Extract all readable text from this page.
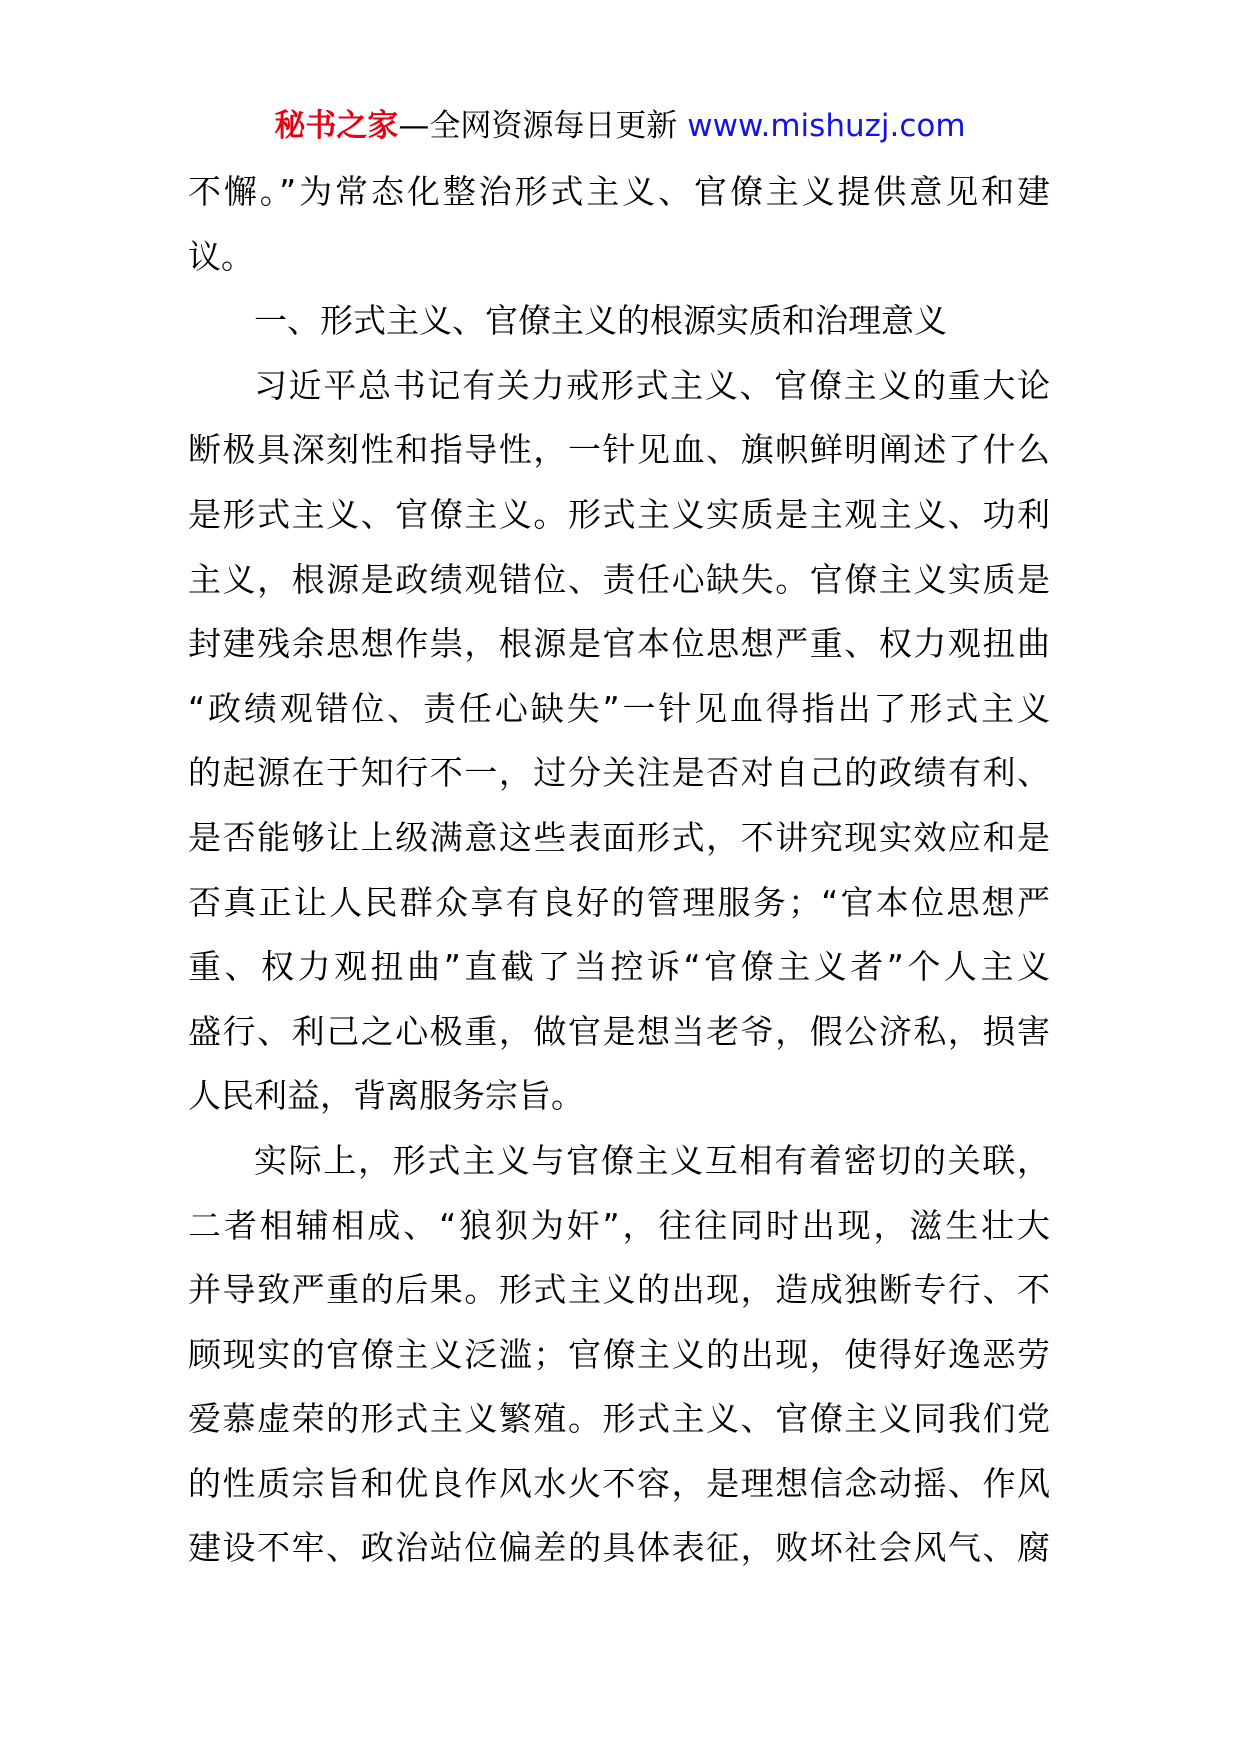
秘书之家—全网资源每日更新 www.mishuzj.com
不懈。”为常态化整治形式主义、官僚主义提供意见和建
议。
一、形式主义、官僚主义的根源实质和治理意义
习近平总书记有关力戒形式主义、官僚主义的重大论
断极具深刻性和指导性，一针见血、旗帜鲜明阐述了什么
是形式主义、官僚主义。形式主义实质是主观主义、功利
主义，根源是政绩观错位、责任心缺失。官僚主义实质是
封建残余思想作祟，根源是官本位思想严重、权力观扭曲
“政绩观错位、责任心缺失”一针见血得指出了形式主义
的起源在于知行不一，过分关注是否对自己的政绩有利、
是否能够让上级满意这些表面形式，不讲究现实效应和是
否真正让人民群众享有良好的管理服务；“官本位思想严
重、权力观扭曲”直截了当控诉“官僚主义者”个人主义
盛行、利己之心极重，做官是想当老爷，假公济私，损害
人民利益，背离服务宗旨。
实际上，形式主义与官僚主义互相有着密切的关联，
二者相辅相成、“狼狈为奸”，往往同时出现，滋生壮大
并导致严重的后果。形式主义的出现，造成独断专行、不
顾现实的官僚主义泛滥；官僚主义的出现，使得好逸恶劳
爱慕虚荣的形式主义繁殖。形式主义、官僚主义同我们党
的性质宗旨和优良作风水火不容，是理想信念动摇、作风
建设不牢、政治站位偏差的具体表征，败坏社会风气、腐
